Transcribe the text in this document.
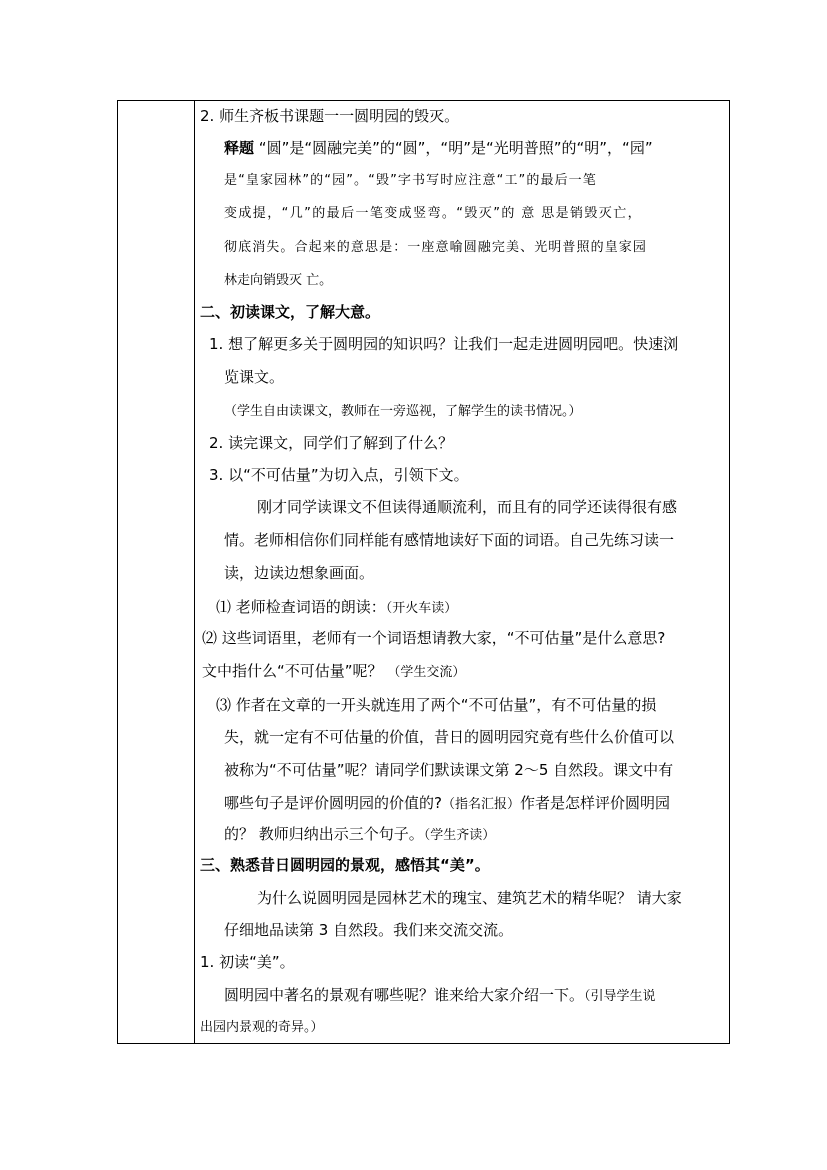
2. 师生齐板书课题一一圆明园的毁灭。
释题 “圆”是“圆融完美”的“圆”，“明”是“光明普照”的“明”，“园”
是“皇家园林”的“园”。“毁”字书写时应注意“工”的最后一笔
变成提，“几”的最后一笔变成竖弯。“毁灭”的 意 思是销毁灭亡，
彻底消失。合起来的意思是：一座意喻圆融完美、光明普照的皇家园
林走向销毁灭 亡。
二、初读课文，了解大意。
1. 想了解更多关于圆明园的知识吗？让我们一起走进圆明园吧。快速浏
览课文。
（学生自由读课文，教师在一旁巡视，了解学生的读书情况。）
2. 读完课文，同学们了解到了什么？
3. 以“不可估量”为切入点，引领下文。
刚才同学读课文不但读得通顺流利，而且有的同学还读得很有感
情。老师相信你们同样能有感情地读好下面的词语。自己先练习读一
读，边读边想象画面。
⑴ 老师检查词语的朗读：（开火车读）
⑵ 这些词语里，老师有一个词语想请教大家，“不可估量”是什么意思?
文中指什么“不可估量”呢？ （学生交流）
⑶ 作者在文章的一开头就连用了两个“不可估量”，有不可估量的损
失，就一定有不可估量的价值，昔日的圆明园究竟有些什么价值可以
被称为“不可估量”呢？请同学们默读课文第 2～5 自然段。课文中有
哪些句子是评价圆明园的价值的?（指名汇报）作者是怎样评价圆明园
的？ 教师归纳出示三个句子。（学生齐读）
三、熟悉昔日圆明园的景观，感悟其“美”。
为什么说圆明园是园林艺术的瑰宝、建筑艺术的精华呢？ 请大家
仔细地品读第 3 自然段。我们来交流交流。
1. 初读“美”。
圆明园中著名的景观有哪些呢？谁来给大家介绍一下。（引导学生说
出园内景观的奇异。）
